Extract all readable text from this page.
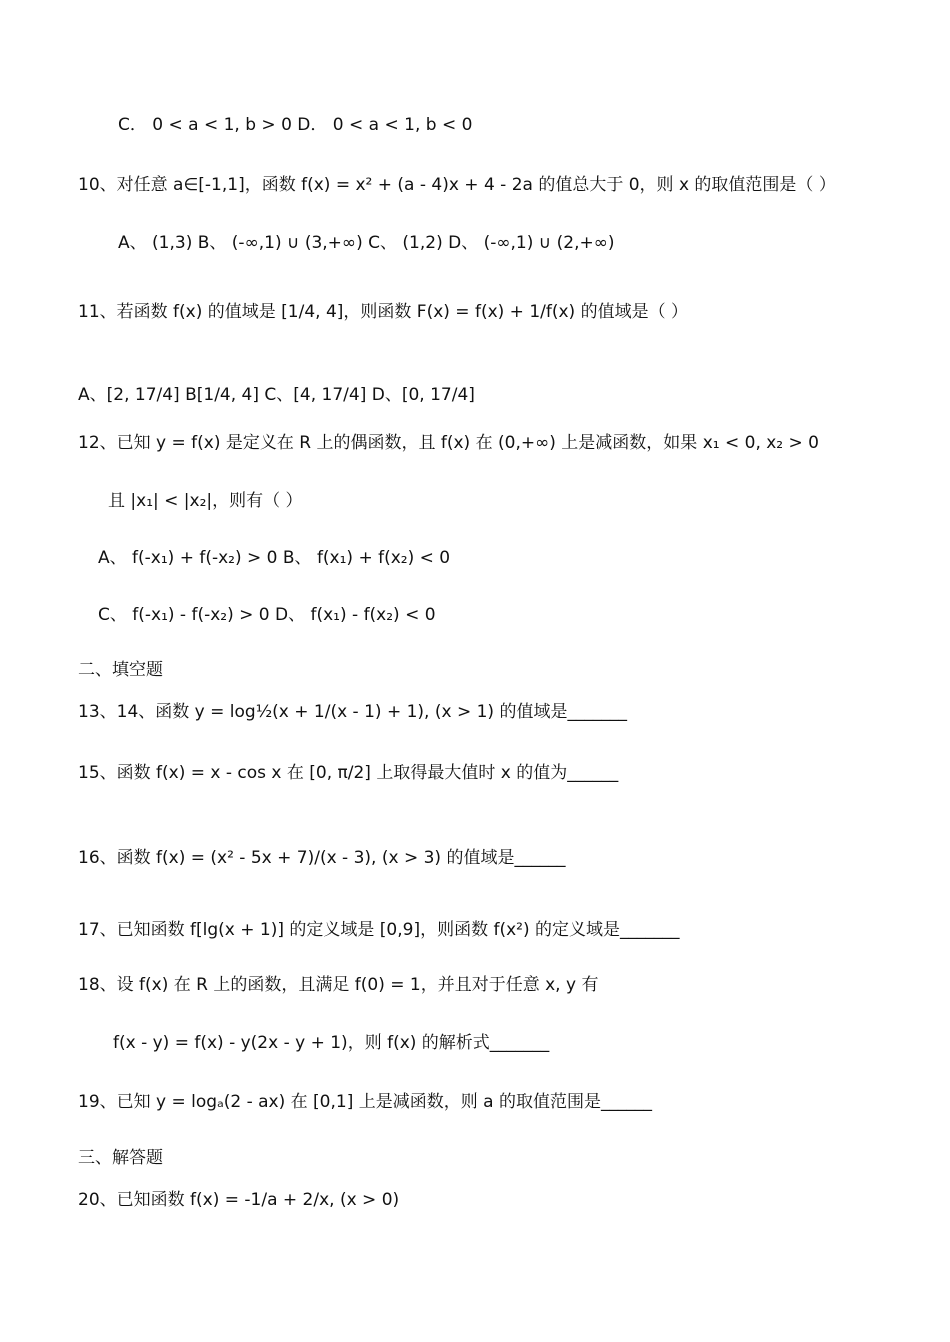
C． 0 < a < 1, b > 0 D． 0 < a < 1, b < 0
10、对任意 a∈[-1,1]，函数 f(x) = x² + (a - 4)x + 4 - 2a 的值总大于 0，则 x 的取值范围是（ ）
A、 (1,3) B、 (-∞,1) ∪ (3,+∞) C、 (1,2) D、 (-∞,1) ∪ (2,+∞)
11、若函数 f(x) 的值域是 [1/4, 4]，则函数 F(x) = f(x) + 1/f(x) 的值域是（ ）
A、[2, 17/4] B[1/4, 4] C、[4, 17/4] D、[0, 17/4]
12、已知 y = f(x) 是定义在 R 上的偶函数，且 f(x) 在 (0,+∞) 上是减函数，如果 x₁ < 0, x₂ > 0
且 |x₁| < |x₂|，则有（ ）
A、 f(-x₁) + f(-x₂) > 0 B、 f(x₁) + f(x₂) < 0
C、 f(-x₁) - f(-x₂) > 0 D、 f(x₁) - f(x₂) < 0
二、填空题
13、14、函数 y = log½(x + 1/(x - 1) + 1), (x > 1) 的值域是_______
15、函数 f(x) = x - cos x 在 [0, π/2] 上取得最大值时 x 的值为______
16、函数 f(x) = (x² - 5x + 7)/(x - 3), (x > 3) 的值域是______
17、已知函数 f[lg(x + 1)] 的定义域是 [0,9]，则函数 f(x²) 的定义域是_______
18、设 f(x) 在 R 上的函数，且满足 f(0) = 1，并且对于任意 x, y 有
f(x - y) = f(x) - y(2x - y + 1)，则 f(x) 的解析式_______
19、已知 y = logₐ(2 - ax) 在 [0,1] 上是减函数，则 a 的取值范围是______
三、解答题
20、已知函数 f(x) = -1/a + 2/x, (x > 0)
